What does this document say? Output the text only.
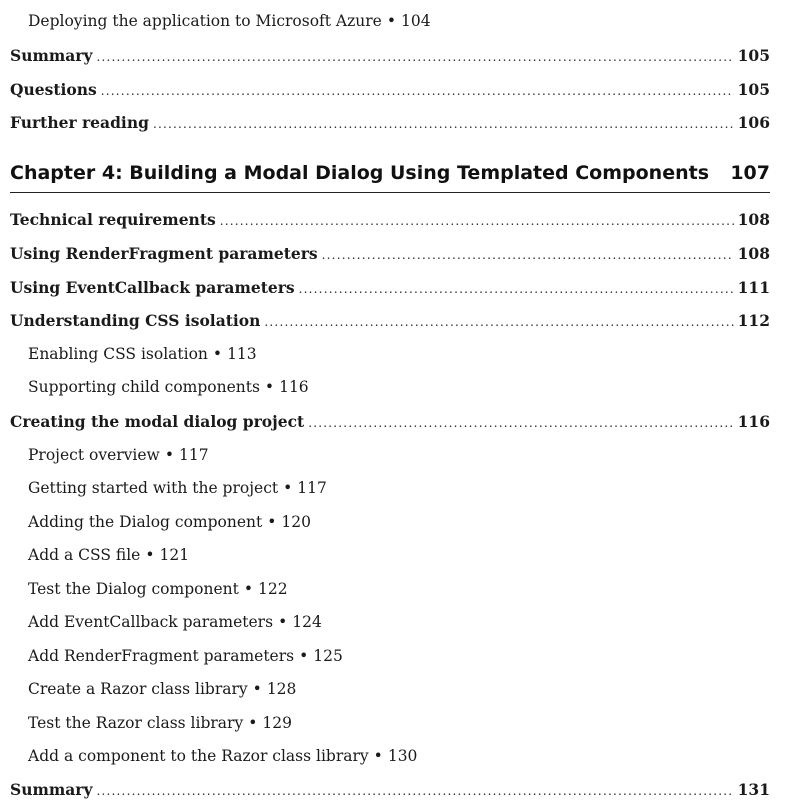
Deploying the application to Microsoft Azure • 104
Summary .....	105
Questions .....	105
Further reading .....	106
Chapter 4: Building a Modal Dialog Using Templated Components 107
Technical requirements .....	108
Using RenderFragment parameters .....	108
Using EventCallback parameters .....	111
Understanding CSS isolation .....	112
Enabling CSS isolation • 113
Supporting child components • 116
Creating the modal dialog project .....	116
Project overview • 117
Getting started with the project • 117
Adding the Dialog component • 120
Add a CSS file • 121
Test the Dialog component • 122
Add EventCallback parameters • 124
Add RenderFragment parameters • 125
Create a Razor class library • 128
Test the Razor class library • 129
Add a component to the Razor class library • 130
Summary .....	131
